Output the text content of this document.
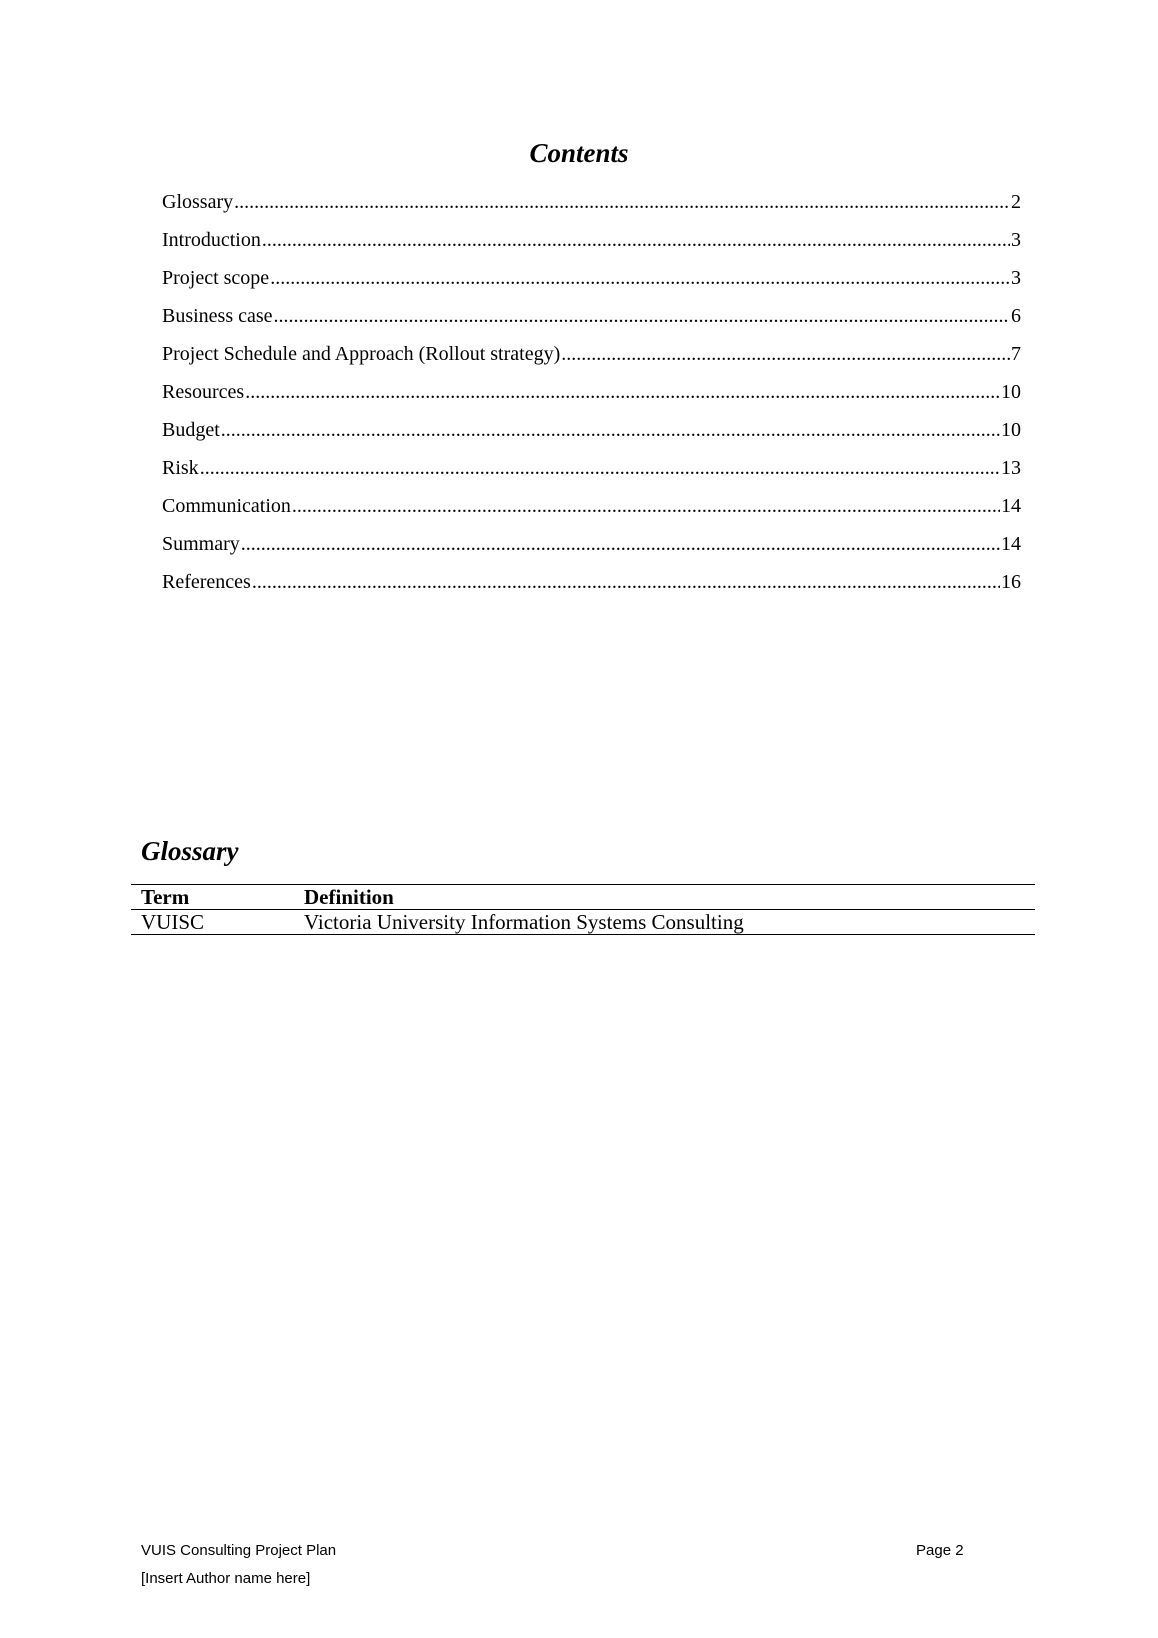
Contents
Glossary .....	2
Introduction .....	3
Project scope .....	3
Business case .....	6
Project Schedule and Approach (Rollout strategy) .....	7
Resources .....	10
Budget .....	10
Risk .....	13
Communication .....	14
Summary .....	14
References .....	16
Glossary
Term	Definition
VUISC	Victoria University Information Systems Consulting
VUIS Consulting Project Plan
[Insert Author name here]
Page 2
